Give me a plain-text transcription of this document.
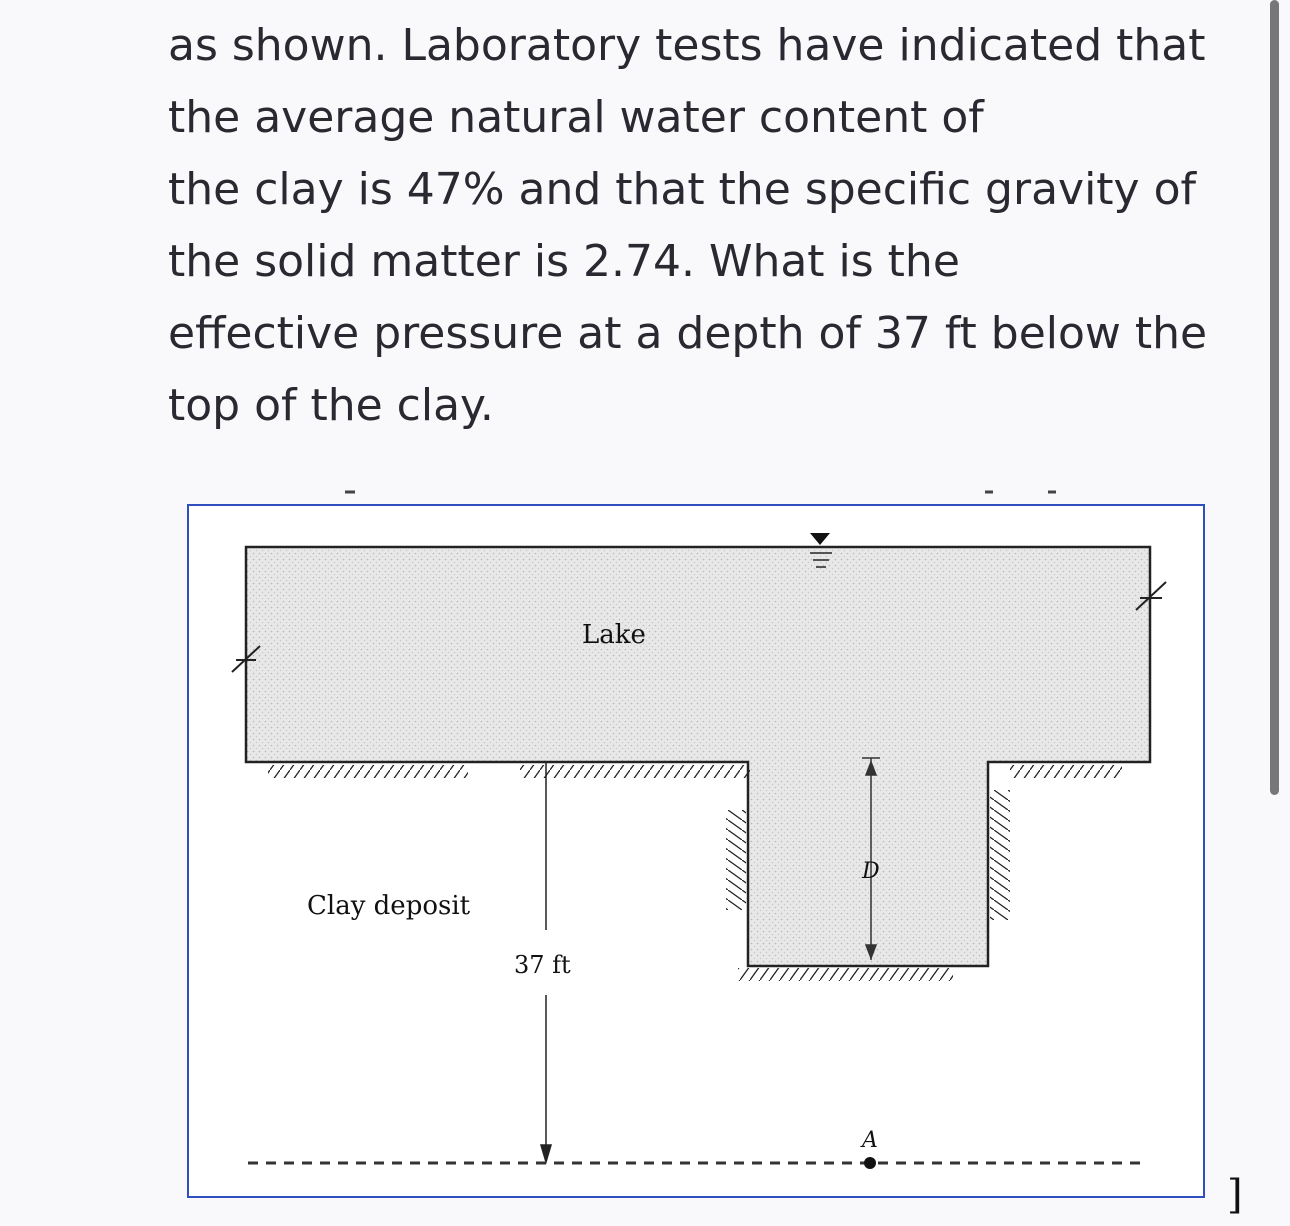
as shown. Laboratory tests have indicated that
the average natural water content of
the clay is 47% and that the specific gravity of
the solid matter is 2.74. What is the
effective pressure at a depth of 37 ft below the
top of the clay.
Lake
Clay deposit
37 ft
D
A
]
